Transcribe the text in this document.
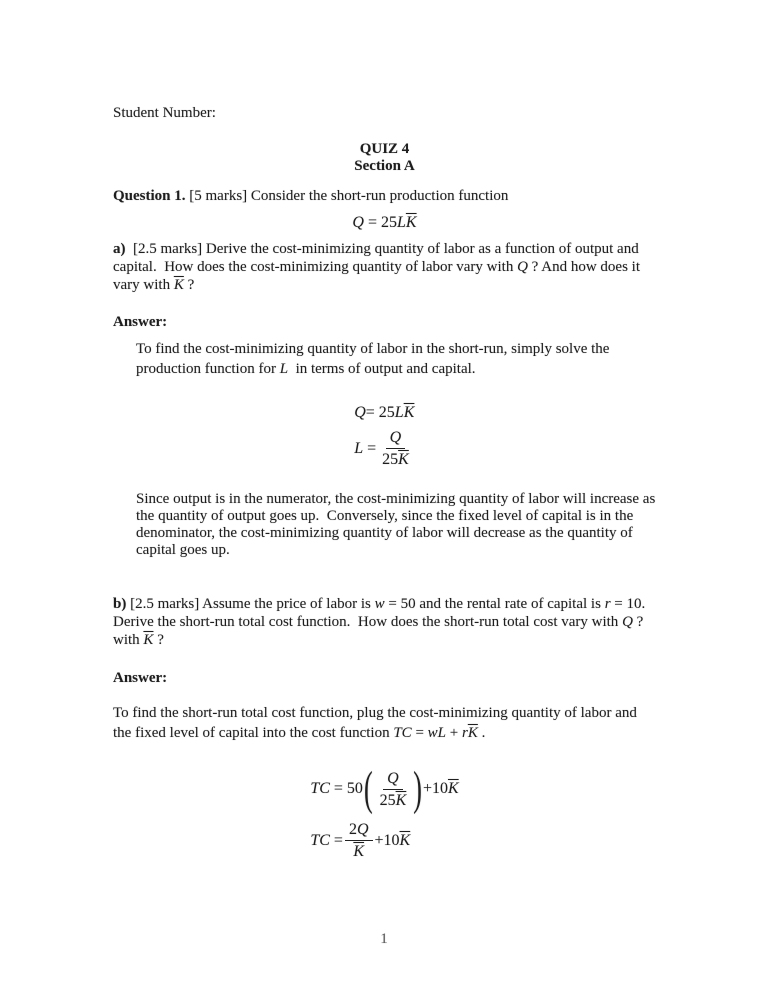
Student Number:
QUIZ 4
Section A

Question 1. [5 marks] Consider the short-run production function

$Q = 25L\overline{K}$

a)  [2.5 marks] Derive the cost-minimizing quantity of labor as a function of output and capital.  How does the cost-minimizing quantity of labor vary with Q ? And how does it vary with $\overline{K}$ ?

Answer:

To find the cost-minimizing quantity of labor in the short-run, simply solve the production function for L  in terms of output and capital.

Q = 25 L $\overline{K}$
$L = \frac{Q}{25\overline{K}}$

Since output is in the numerator, the cost-minimizing quantity of labor will increase as the quantity of output goes up.  Conversely, since the fixed level of capital is in the denominator, the cost-minimizing quantity of labor will decrease as the quantity of capital goes up.

b) [2.5 marks] Assume the price of labor is w = 50 and the rental rate of capital is r = 10. Derive the short-run total cost function.  How does the short-run total cost vary with Q ? with $\overline{K}$ ?

Answer:

To find the short-run total cost function, plug the cost-minimizing quantity of labor and the fixed level of capital into the cost function TC = wL + $r\overline{K}$ .

TC = 50 ( $\frac{Q}{25\overline{K}}$ ) $+10\overline{K}$
TC = $\frac{2Q}{K} +10\overline{K}$
1
